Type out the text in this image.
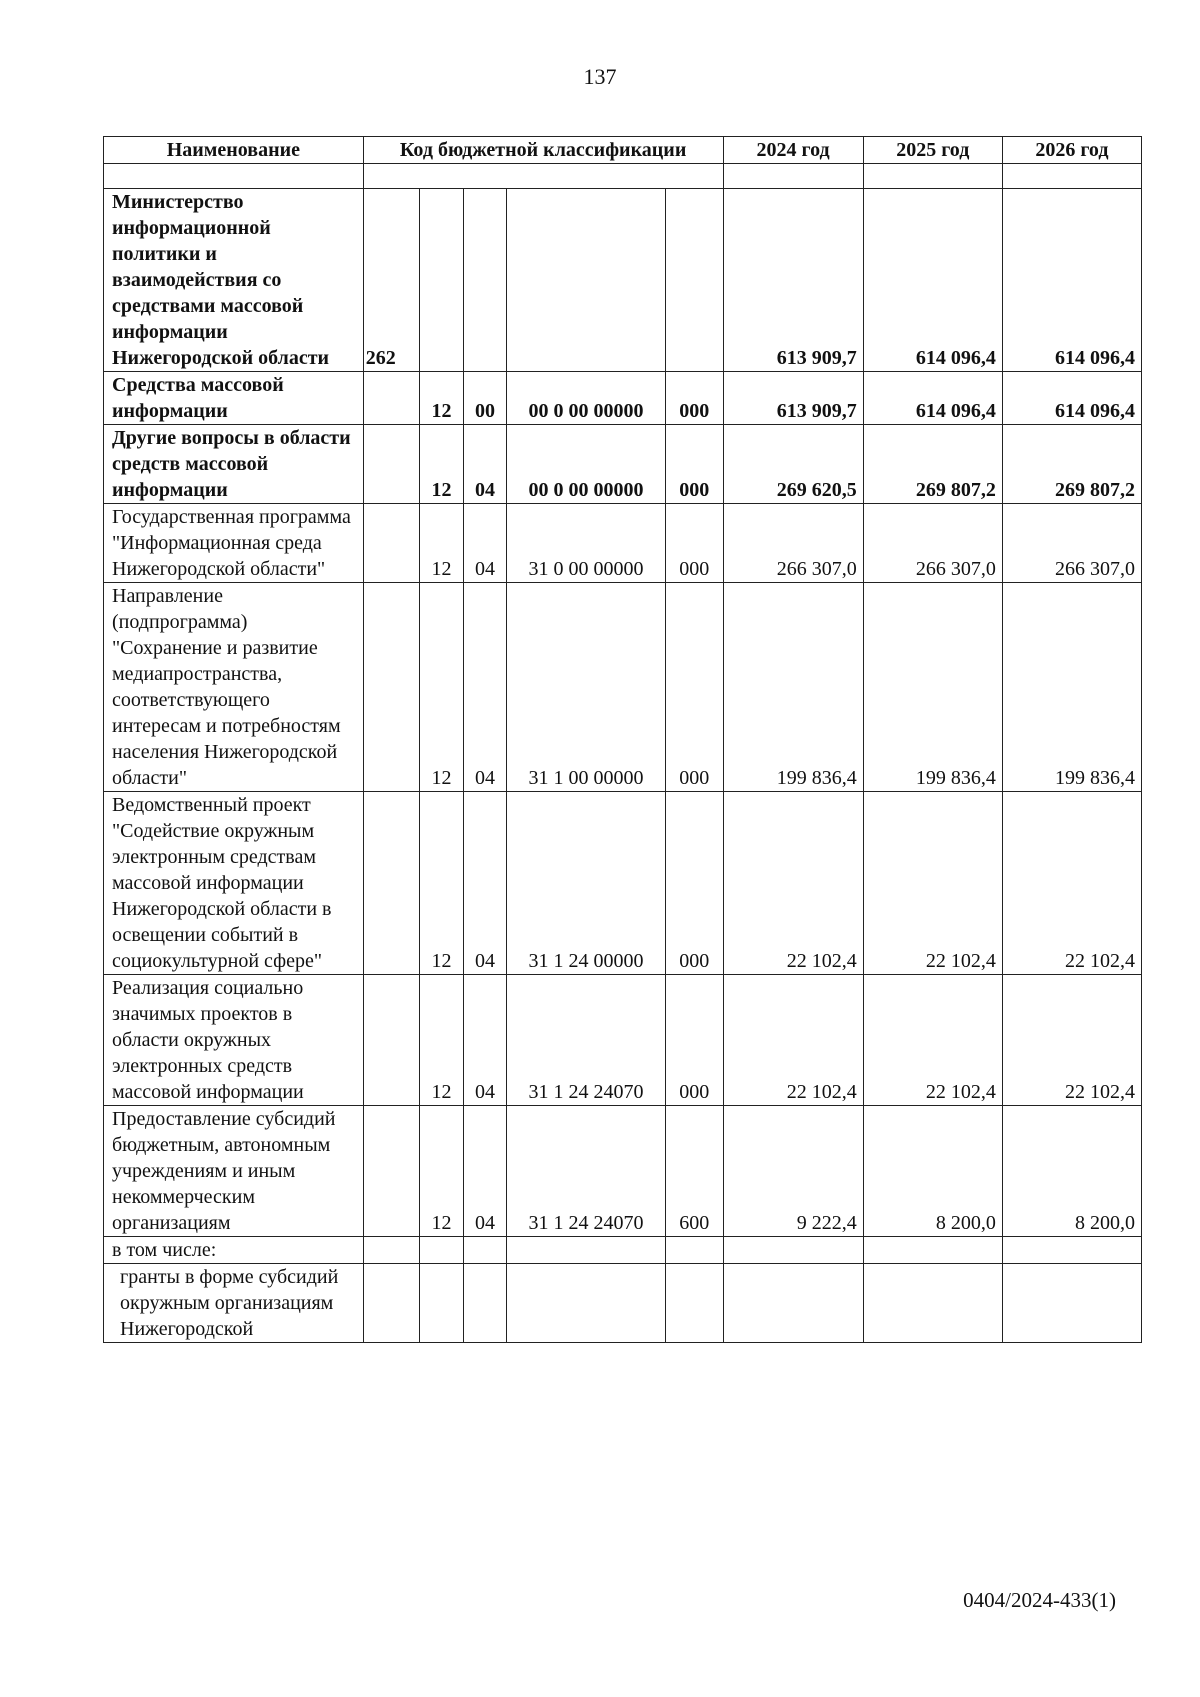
137
Наименование	Код бюджетной классификации					2024 год	2025 год	2026 год

Министерство информационной политики и взаимодействия со средствами массовой информации Нижегородской области	262					613 909,7	614 096,4	614 096,4
Средства массовой информации		12	00	00 0 00 00000	000	613 909,7	614 096,4	614 096,4
Другие вопросы в области средств массовой информации		12	04	00 0 00 00000	000	269 620,5	269 807,2	269 807,2
Государственная программа "Информационная среда Нижегородской области"		12	04	31 0 00 00000	000	266 307,0	266 307,0	266 307,0
Направление (подпрограмма) "Сохранение и развитие медиапространства, соответствующего интересам и потребностям населения Нижегородской области"		12	04	31 1 00 00000	000	199 836,4	199 836,4	199 836,4
Ведомственный проект "Содействие окружным электронным средствам массовой информации Нижегородской области в освещении событий в социокультурной сфере"		12	04	31 1 24 00000	000	22 102,4	22 102,4	22 102,4
Реализация социально значимых проектов в области окружных электронных средств массовой информации		12	04	31 1 24 24070	000	22 102,4	22 102,4	22 102,4
Предоставление субсидий бюджетным, автономным учреждениям и иным некоммерческим организациям		12	04	31 1 24 24070	600	9 222,4	8 200,0	8 200,0
в том числе:								
гранты в форме субсидий окружным организациям Нижегородской								
0404/2024-433(1)
